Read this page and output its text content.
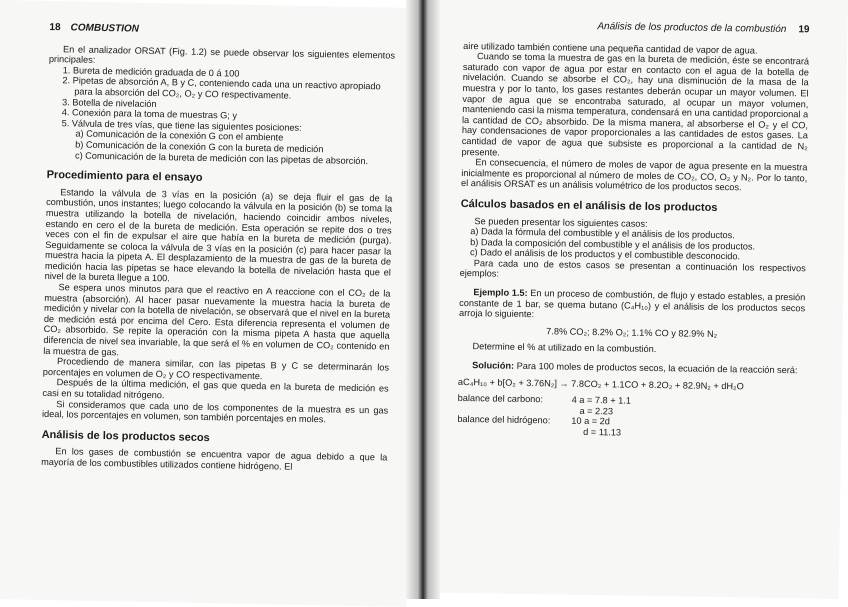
18 COMBUSTION

En el analizador ORSAT (Fig. 1.2) se puede observar los siguientes elementos principales:

1. Bureta de medición graduada de 0 á 100
2. Pipetas de absorción A, B y C, conteniendo cada una un reactivo apropiado para la absorción del CO₂, O₂ y CO respectivamente.
3. Botella de nivelación
4. Conexión para la toma de muestras G; y
5. Válvula de tres vías, que tiene las siguientes posiciones:
a) Comunicación de la conexión G con el ambiente
b) Comunicación de la conexión G con la bureta de medición
c) Comunicación de la bureta de medición con las pipetas de absorción.
Procedimiento para el ensayo

Estando la válvula de 3 vías en la posición (a) se deja fluir el gas de la combustión, unos instantes; luego colocando la válvula en la posición (b) se toma la muestra utilizando la botella de nivelación, haciendo coincidir ambos niveles, estando en cero el de la bureta de medición. Esta operación se repite dos o tres veces con el fin de expulsar el aire que había en la bureta de medición (purga). Seguidamente se coloca la válvula de 3 vías en la posición (c) para hacer pasar la muestra hacia la pipeta A. El desplazamiento de la muestra de gas de la bureta de medición hacia las pipetas se hace elevando la botella de nivelación hasta que el nivel de la bureta llegue a 100.

Se espera unos minutos para que el reactivo en A reaccione con el CO₂ de la muestra (absorción). Al hacer pasar nuevamente la muestra hacia la bureta de medición y nivelar con la botella de nivelación, se observará que el nivel en la bureta de medición está por encima del Cero. Esta diferencia representa el volumen de CO₂ absorbido. Se repite la operación con la misma pipeta A hasta que aquella diferencia de nivel sea invariable, la que será el % en volumen de CO₂ contenido en la muestra de gas.

Procediendo de manera similar, con las pipetas B y C se determinarán los porcentajes en volumen de O₂ y CO respectivamente.

Después de la última medición, el gas que queda en la bureta de medición es casi en su totalidad nitrógeno.

Si consideramos que cada uno de los componentes de la muestra es un gas ideal, los porcentajes en volumen, son también porcentajes en moles.

Análisis de los productos secos

En los gases de combustión se encuentra vapor de agua debido a que la mayoría de los combustibles utilizados contiene hidrógeno. El

Análisis de los productos de la combustión 19

aire utilizado también contiene una pequeña cantidad de vapor de agua.

Cuando se toma la muestra de gas en la bureta de medición, éste se encontrará saturado con vapor de agua por estar en contacto con el agua de la botella de nivelación. Cuando se absorbe el CO₂, hay una disminución de la masa de la muestra y por lo tanto, los gases restantes deberán ocupar un mayor volumen. El vapor de agua que se encontraba saturado, al ocupar un mayor volumen, manteniendo casi la misma temperatura, condensará en una cantidad proporcional a la cantidad de CO₂ absorbido. De la misma manera, al absorberse el O₂ y el CO, hay condensaciones de vapor proporcionales a las cantidades de estos gases. La cantidad de vapor de agua que subsiste es proporcional a la cantidad de N₂ presente.

En consecuencia, el número de moles de vapor de agua presente en la muestra inicialmente es proporcional al número de moles de CO₂, CO, O₂ y N₂. Por lo tanto, el análisis ORSAT es un análisis volumétrico de los productos secos.

Cálculos basados en el análisis de los productos

Se pueden presentar los siguientes casos:

a) Dada la fórmula del combustible y el análisis de los productos.
b) Dada la composición del combustible y el análisis de los productos.
c) Dado el análisis de los productos y el combustible desconocido.

Para cada uno de estos casos se presentan a continuación los respectivos ejemplos:

Ejemplo 1.5: En un proceso de combustión, de flujo y estado estables, a presión constante de 1 bar, se quema butano (C₄H₁₀) y el análisis de los productos secos arroja lo siguiente:

7.8% CO₂; 8.2% O₂; 1.1% CO y 82.9% N₂

Determine el % at utilizado en la combustión.

Solución: Para 100 moles de productos secos, la ecuación de la reacción será:

aC₄H₁₀ + b[O₂ + 3.76N₂] → 7.8CO₂ + 1.1CO + 8.2O₂ + 82.9N₂ + dH₂O
balance del carbono:	4 a = 7.8 + 1.1
a = 2.23
balance del hidrógeno:	10 a = 2d
d = 11.13
